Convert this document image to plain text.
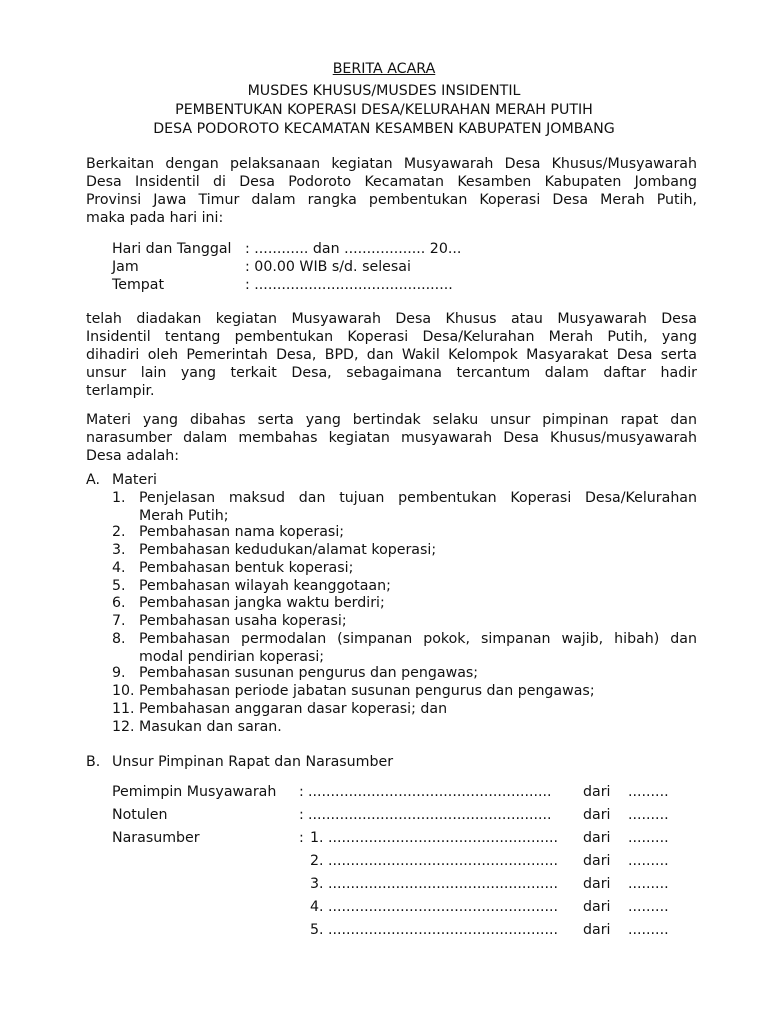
BERITA ACARA
MUSDES KHUSUS/MUSDES INSIDENTIL
PEMBENTUKAN KOPERASI DESA/KELURAHAN MERAH PUTIH
DESA PODOROTO KECAMATAN KESAMBEN KABUPATEN JOMBANG
Berkaitan dengan pelaksanaan kegiatan Musyawarah Desa Khusus/Musyawarah
Desa Insidentil di Desa Podoroto Kecamatan Kesamben Kabupaten Jombang
Provinsi Jawa Timur dalam rangka pembentukan Koperasi Desa Merah Putih,
maka pada hari ini:
Hari dan Tanggal : ............ dan .................. 20...
Jam	: 00.00 WIB s/d. selesai
Tempat	: ............................................
telah diadakan kegiatan Musyawarah Desa Khusus atau Musyawarah Desa
Insidentil tentang pembentukan Koperasi Desa/Kelurahan Merah Putih, yang
dihadiri oleh Pemerintah Desa, BPD, dan Wakil Kelompok Masyarakat Desa serta
unsur lain yang terkait Desa, sebagaimana tercantum dalam daftar hadir
terlampir.
Materi yang dibahas serta yang bertindak selaku unsur pimpinan rapat dan
narasumber dalam membahas kegiatan musyawarah Desa Khusus/musyawarah
Desa adalah:
A. Materi
1. Penjelasan maksud dan tujuan pembentukan Koperasi Desa/Kelurahan
Merah Putih;
2. Pembahasan nama koperasi;
3. Pembahasan kedudukan/alamat koperasi;
4. Pembahasan bentuk koperasi;
5. Pembahasan wilayah keanggotaan;
6. Pembahasan jangka waktu berdiri;
7. Pembahasan usaha koperasi;
8. Pembahasan permodalan (simpanan pokok, simpanan wajib, hibah) dan
modal pendirian koperasi;
9. Pembahasan susunan pengurus dan pengawas;
10. Pembahasan periode jabatan susunan pengurus dan pengawas;
11. Pembahasan anggaran dasar koperasi; dan
12. Masukan dan saran.
B. Unsur Pimpinan Rapat dan Narasumber
Pemimpin Musyawarah : ...................................................... dari .........
Notulen	: ...................................................... dari .........
Narasumber	: 1. ................................................... dari .........
2. ................................................... dari .........
3. ................................................... dari .........
4. ................................................... dari .........
5. ................................................... dari .........
